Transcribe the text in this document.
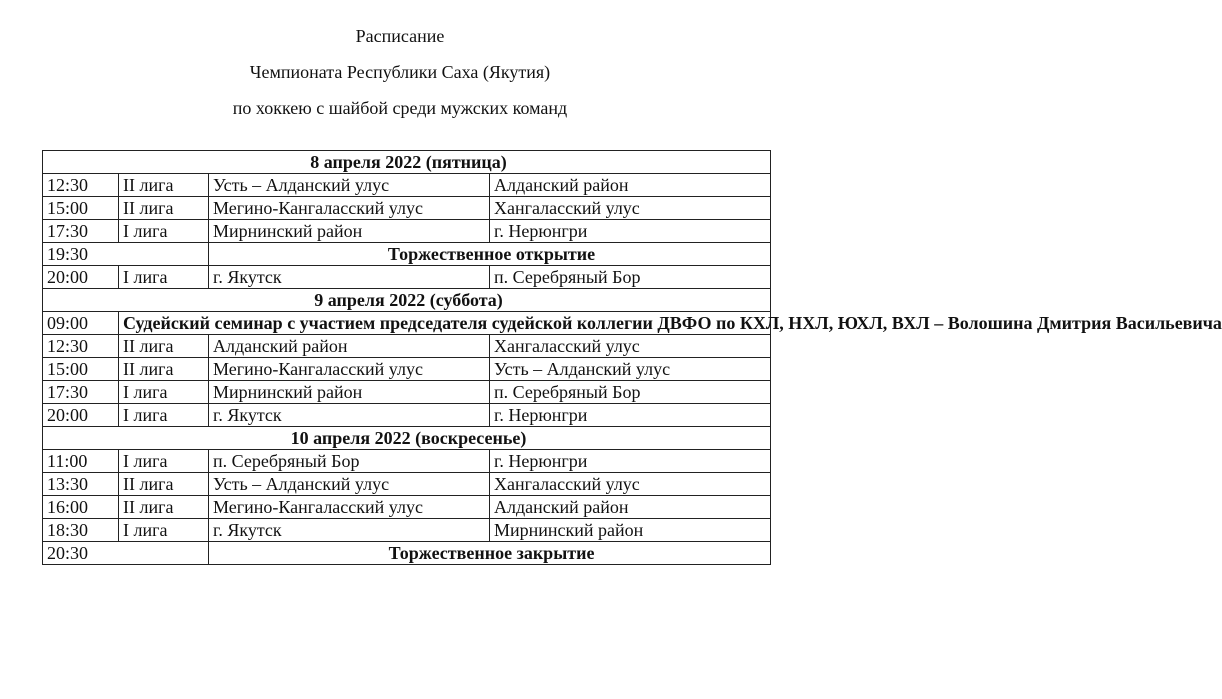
Расписание
Чемпионата Республики Саха (Якутия)
по хоккею с шайбой среди мужских команд
8 апреля 2022 (пятница)			
12:30	II лига	Усть – Алданский улус	Алданский район
15:00	II лига	Мегино-Кангаласский улус	Хангаласский улус
17:30	I лига	Мирнинский район	г. Нерюнгри
19:30		Торжественное открытие	
20:00	I лига	г. Якутск	п. Серебряный Бор
9 апреля 2022 (суббота)			
09:00	Судейский семинар с участием председателя судейской коллегии ДВФО по КХЛ, НХЛ, ЮХЛ, ВХЛ – Волошина Дмитрия Васильевича		
12:30	II лига	Алданский район	Хангаласский улус
15:00	II лига	Мегино-Кангаласский улус	Усть – Алданский улус
17:30	I лига	Мирнинский район	п. Серебряный Бор
20:00	I лига	г. Якутск	г. Нерюнгри
10 апреля 2022 (воскресенье)			
11:00	I лига	п. Серебряный Бор	г. Нерюнгри
13:30	II лига	Усть – Алданский улус	Хангаласский улус
16:00	II лига	Мегино-Кангаласский улус	Алданский район
18:30	I лига	г. Якутск	Мирнинский район
20:30		Торжественное закрытие	
